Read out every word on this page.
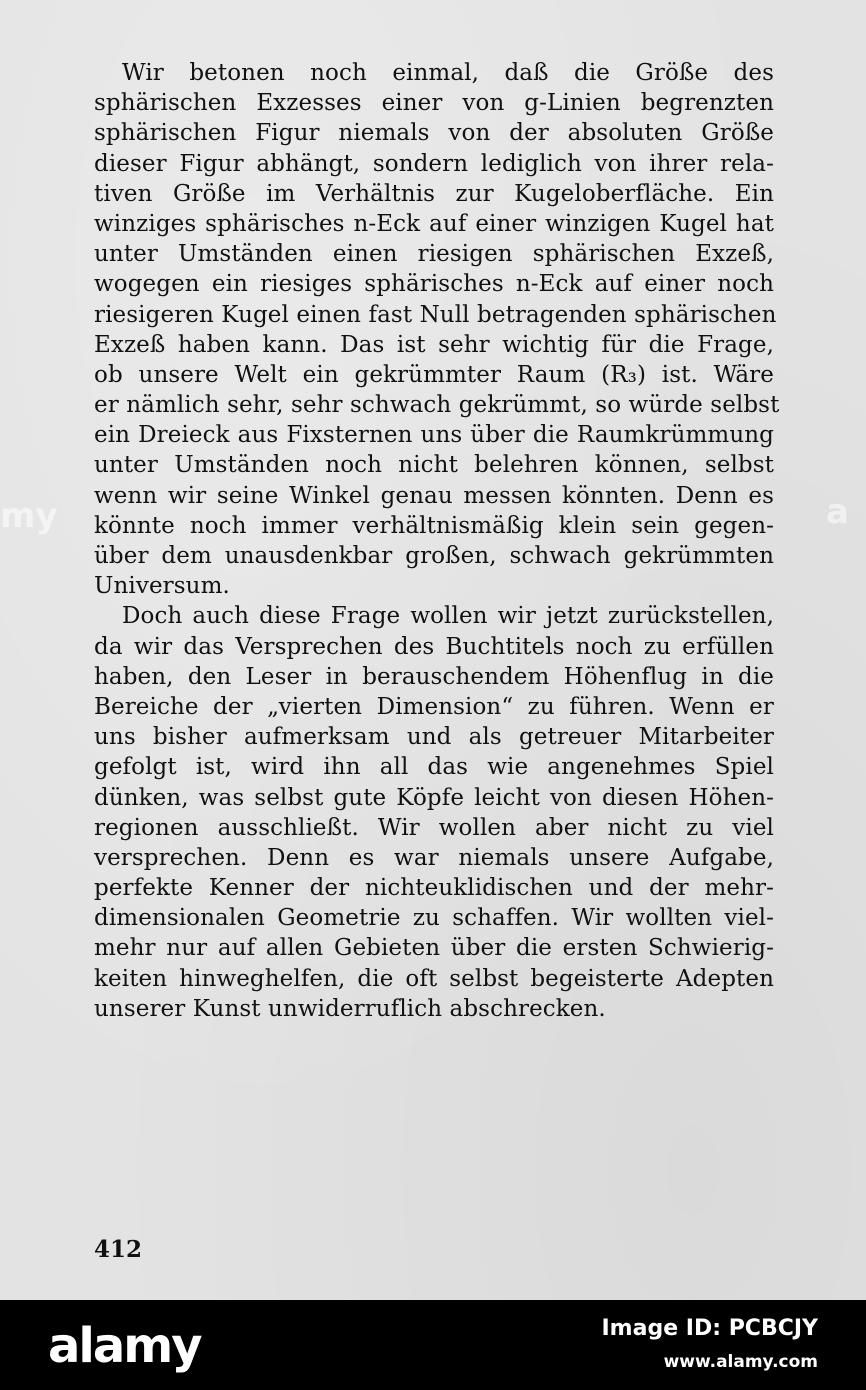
Wir betonen noch einmal, daß die Größe des
sphärischen Exzesses einer von g-Linien begrenzten
sphärischen Figur niemals von der absoluten Größe
dieser Figur abhängt, sondern lediglich von ihrer rela-
tiven Größe im Verhältnis zur Kugeloberfläche. Ein
winziges sphärisches n-Eck auf einer winzigen Kugel hat
unter Umständen einen riesigen sphärischen Exzeß,
wogegen ein riesiges sphärisches n-Eck auf einer noch
riesigeren Kugel einen fast Null betragenden sphärischen
Exzeß haben kann. Das ist sehr wichtig für die Frage,
ob unsere Welt ein gekrümmter Raum (R₃) ist. Wäre
er nämlich sehr, sehr schwach gekrümmt, so würde selbst
ein Dreieck aus Fixsternen uns über die Raumkrümmung
unter Umständen noch nicht belehren können, selbst
wenn wir seine Winkel genau messen könnten. Denn es
könnte noch immer verhältnismäßig klein sein gegen-
über dem unausdenkbar großen, schwach gekrümmten
Universum.
Doch auch diese Frage wollen wir jetzt zurückstellen,
da wir das Versprechen des Buchtitels noch zu erfüllen
haben, den Leser in berauschendem Höhenflug in die
Bereiche der „vierten Dimension“ zu führen. Wenn er
uns bisher aufmerksam und als getreuer Mitarbeiter
gefolgt ist, wird ihn all das wie angenehmes Spiel
dünken, was selbst gute Köpfe leicht von diesen Höhen-
regionen ausschließt. Wir wollen aber nicht zu viel
versprechen. Denn es war niemals unsere Aufgabe,
perfekte Kenner der nichteuklidischen und der mehr-
dimensionalen Geometrie zu schaffen. Wir wollten viel-
mehr nur auf allen Gebieten über die ersten Schwierig-
keiten hinweghelfen, die oft selbst begeisterte Adepten
unserer Kunst unwiderruflich abschrecken.
412
my	a
alamy	Image ID: PCBCJY
www.alamy.com
